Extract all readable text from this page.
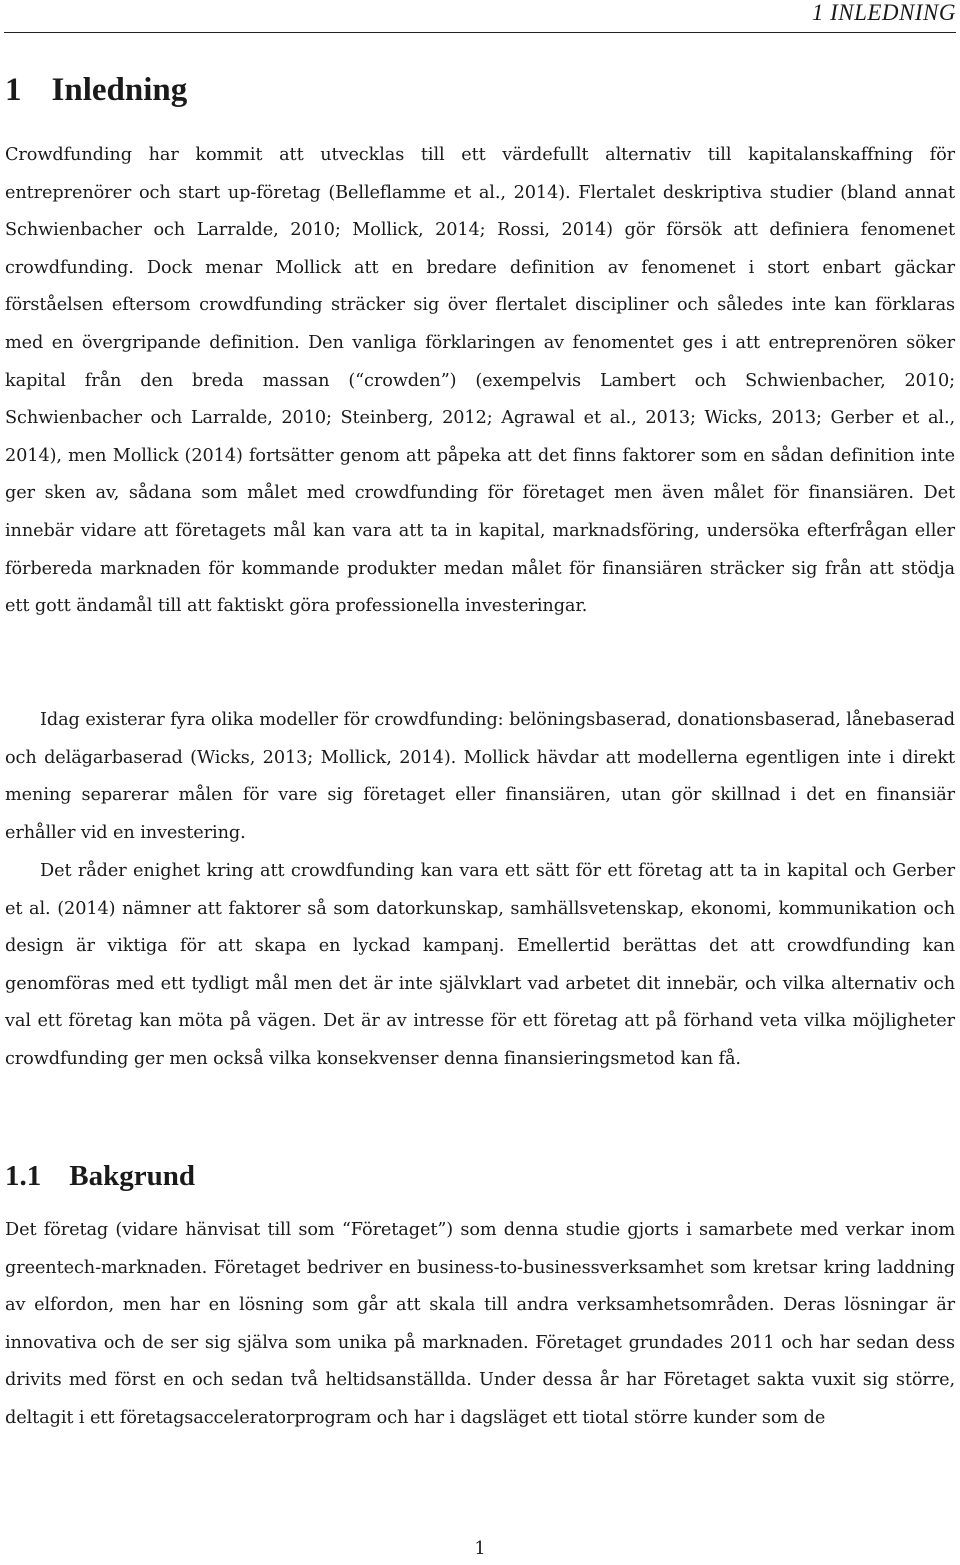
1 INLEDNING
1 Inledning

Crowdfunding har kommit att utvecklas till ett värdefullt alternativ till kapitalanskaffning för entreprenörer och start up-företag (Belleflamme et al., 2014). Flertalet deskriptiva studier (bland annat Schwienbacher och Larralde, 2010; Mollick, 2014; Rossi, 2014) gör försök att definiera fenomenet crowdfunding. Dock menar Mollick att en bredare definition av fenomenet i stort enbart gäckar förståelsen eftersom crowdfunding sträcker sig över flertalet discipliner och således inte kan förklaras med en övergripande definition. Den vanliga förklaringen av fenomentet ges i att entreprenören söker kapital från den breda massan (“crowden”) (exempelvis Lambert och Schwienbacher, 2010; Schwienbacher och Larralde, 2010; Steinberg, 2012; Agrawal et al., 2013; Wicks, 2013; Gerber et al., 2014), men Mollick (2014) fortsätter genom att påpeka att det finns faktorer som en sådan definition inte ger sken av, sådana som målet med crowdfunding för företaget men även målet för finansiären. Det innebär vidare att företagets mål kan vara att ta in kapital, marknadsföring, undersöka efterfrågan eller förbereda marknaden för kommande produkter medan målet för finansiären sträcker sig från att stödja ett gott ändamål till att faktiskt göra professionella investeringar.

Idag existerar fyra olika modeller för crowdfunding: belöningsbaserad, donationsbaserad, lånebaserad och delägarbaserad (Wicks, 2013; Mollick, 2014). Mollick hävdar att modellerna egentligen inte i direkt mening separerar målen för vare sig företaget eller finansiären, utan gör skillnad i det en finansiär erhåller vid en investering.

Det råder enighet kring att crowdfunding kan vara ett sätt för ett företag att ta in kapital och Gerber et al. (2014) nämner att faktorer så som datorkunskap, samhällsvetenskap, ekonomi, kommunikation och design är viktiga för att skapa en lyckad kampanj. Emellertid berättas det att crowdfunding kan genomföras med ett tydligt mål men det är inte självklart vad arbetet dit innebär, och vilka alternativ och val ett företag kan möta på vägen. Det är av intresse för ett företag att på förhand veta vilka möjligheter crowdfunding ger men också vilka konsekvenser denna finansieringsmetod kan få.

1.1 Bakgrund

Det företag (vidare hänvisat till som “Företaget”) som denna studie gjorts i samarbete med verkar inom greentech-marknaden. Företaget bedriver en business-to-businessverksamhet som kretsar kring laddning av elfordon, men har en lösning som går att skala till andra verksamhetsområden. Deras lösningar är innovativa och de ser sig själva som unika på marknaden. Företaget grundades 2011 och har sedan dess drivits med först en och sedan två heltidsanställda. Under dessa år har Företaget sakta vuxit sig större, deltagit i ett företagsacceleratorprogram och har i dagsläget ett tiotal större kunder som de

1
